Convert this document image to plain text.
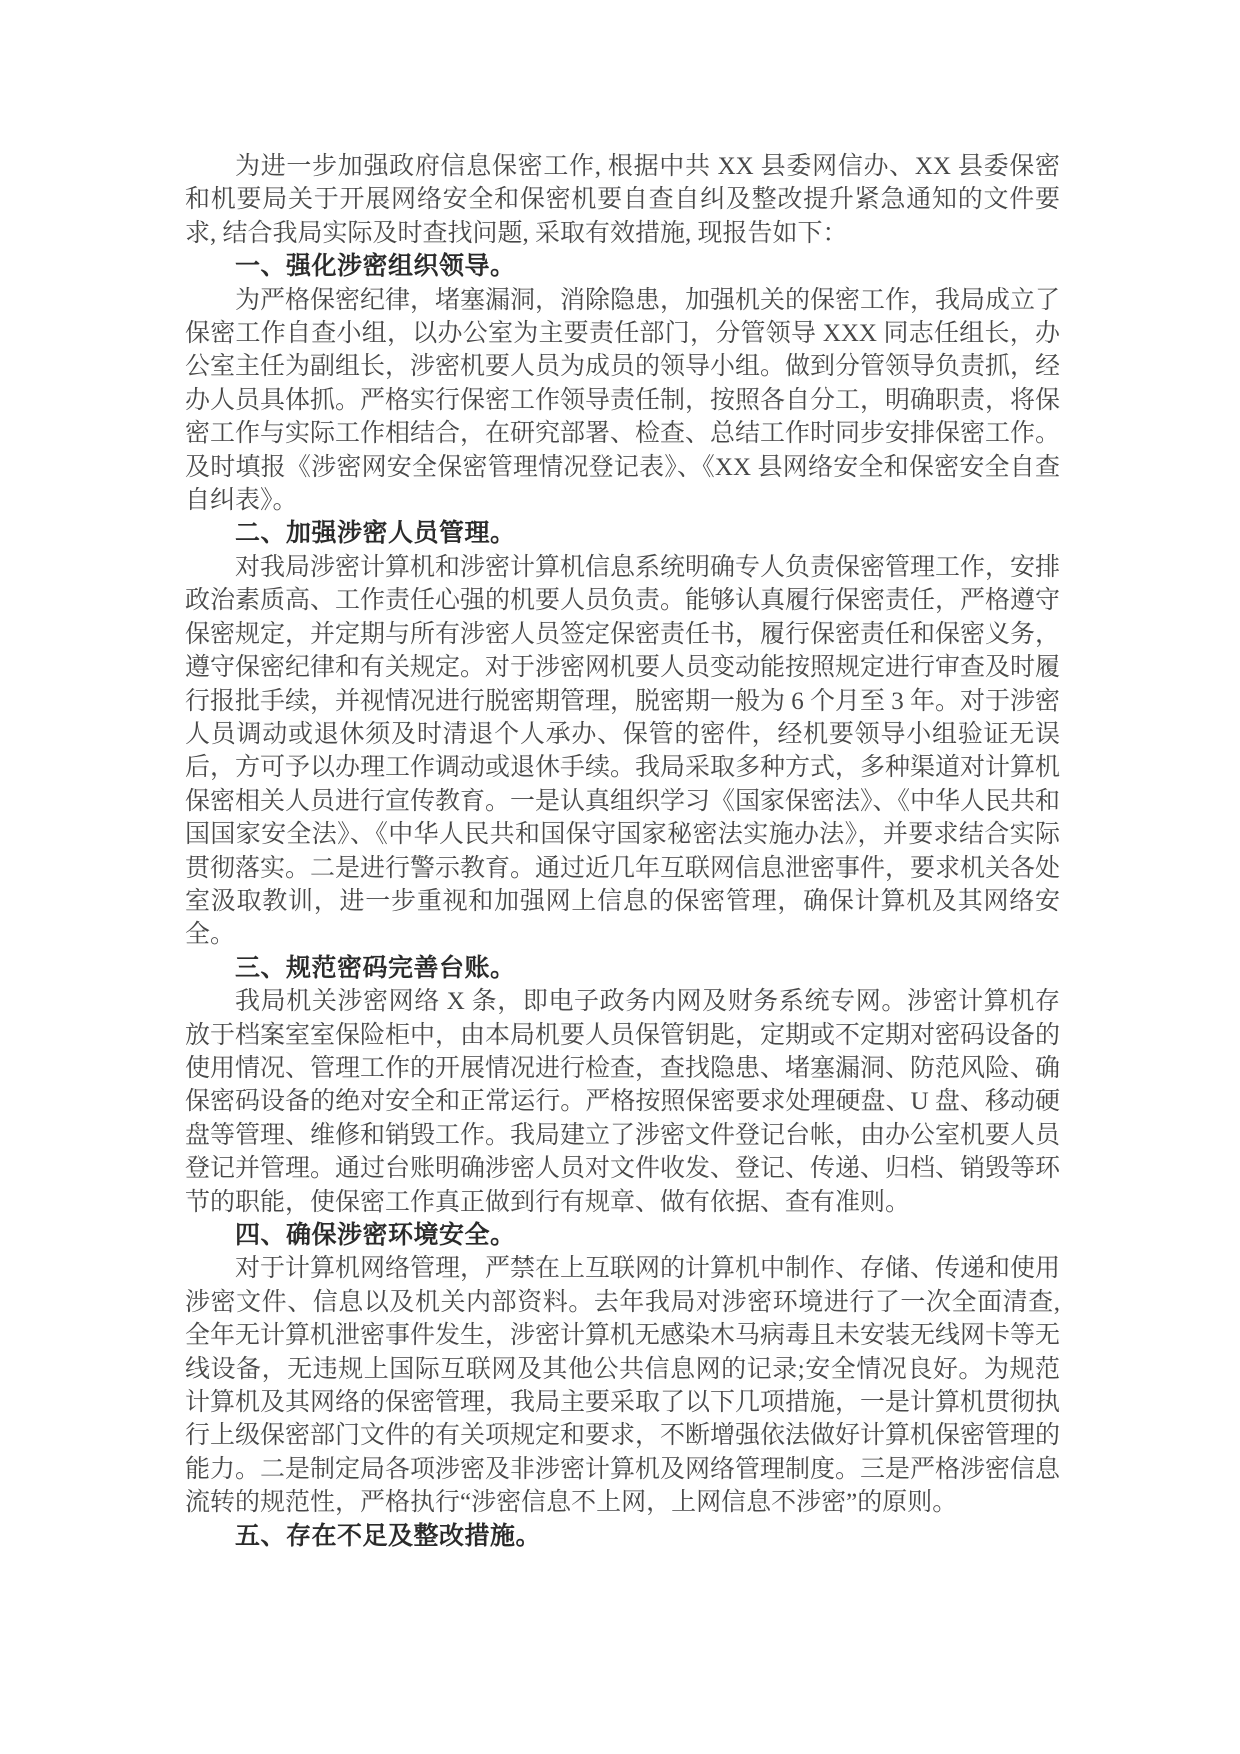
为进一步加强政府信息保密工作, 根据中共 XX 县委网信办、XX 县委保密和机要局关于开展网络安全和保密机要自查自纠及整改提升紧急通知的文件要求, 结合我局实际及时查找问题, 采取有效措施, 现报告如下：

一、强化涉密组织领导。

为严格保密纪律，堵塞漏洞，消除隐患，加强机关的保密工作，我局成立了保密工作自查小组，以办公室为主要责任部门，分管领导 XXX 同志任组长，办公室主任为副组长，涉密机要人员为成员的领导小组。做到分管领导负责抓，经办人员具体抓。严格实行保密工作领导责任制，按照各自分工，明确职责，将保密工作与实际工作相结合，在研究部署、检查、总结工作时同步安排保密工作。及时填报《涉密网安全保密管理情况登记表》、《XX 县网络安全和保密安全自查自纠表》。

二、加强涉密人员管理。

对我局涉密计算机和涉密计算机信息系统明确专人负责保密管理工作，安排政治素质高、工作责任心强的机要人员负责。能够认真履行保密责任，严格遵守保密规定，并定期与所有涉密人员签定保密责任书，履行保密责任和保密义务，遵守保密纪律和有关规定。对于涉密网机要人员变动能按照规定进行审查及时履行报批手续，并视情况进行脱密期管理，脱密期一般为 6 个月至 3 年。对于涉密人员调动或退休须及时清退个人承办、保管的密件，经机要领导小组验证无误后，方可予以办理工作调动或退休手续。我局采取多种方式，多种渠道对计算机保密相关人员进行宣传教育。一是认真组织学习《国家保密法》、《中华人民共和国国家安全法》、《中华人民共和国保守国家秘密法实施办法》，并要求结合实际贯彻落实。二是进行警示教育。通过近几年互联网信息泄密事件，要求机关各处室汲取教训，进一步重视和加强网上信息的保密管理，确保计算机及其网络安全。

三、规范密码完善台账。

我局机关涉密网络 X 条，即电子政务内网及财务系统专网。涉密计算机存放于档案室室保险柜中，由本局机要人员保管钥匙，定期或不定期对密码设备的使用情况、管理工作的开展情况进行检查，查找隐患、堵塞漏洞、防范风险、确保密码设备的绝对安全和正常运行。严格按照保密要求处理硬盘、U 盘、移动硬盘等管理、维修和销毁工作。我局建立了涉密文件登记台帐，由办公室机要人员登记并管理。通过台账明确涉密人员对文件收发、登记、传递、归档、销毁等环节的职能，使保密工作真正做到行有规章、做有依据、查有准则。

四、确保涉密环境安全。

对于计算机网络管理，严禁在上互联网的计算机中制作、存储、传递和使用涉密文件、信息以及机关内部资料。去年我局对涉密环境进行了一次全面清查, 全年无计算机泄密事件发生，涉密计算机无感染木马病毒且未安装无线网卡等无线设备，无违规上国际互联网及其他公共信息网的记录;安全情况良好。为规范计算机及其网络的保密管理，我局主要采取了以下几项措施，一是计算机贯彻执行上级保密部门文件的有关项规定和要求，不断增强依法做好计算机保密管理的能力。二是制定局各项涉密及非涉密计算机及网络管理制度。三是严格涉密信息流转的规范性，严格执行“涉密信息不上网，上网信息不涉密”的原则。

五、存在不足及整改措施。
